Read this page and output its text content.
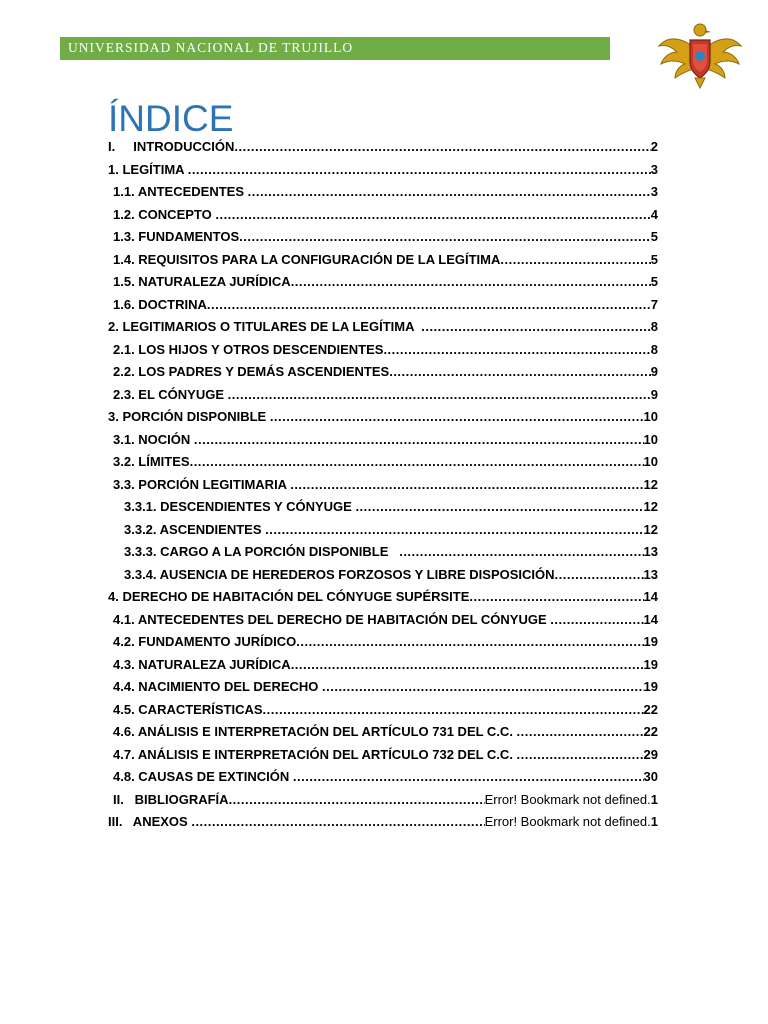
UNIVERSIDAD NACIONAL DE TRUJILLO
ÍNDICE
I.     INTRODUCCIÓN .....	2
1. LEGÍTIMA .....	3
1.1. ANTECEDENTES .....	3
1.2. CONCEPTO .....	4
1.3. FUNDAMENTOS .....	5
1.4. REQUISITOS PARA LA CONFIGURACIÓN DE LA LEGÍTIMA .....	5
1.5. NATURALEZA JURÍDICA .....	5
1.6. DOCTRINA .....	7
2. LEGITIMARIOS O TITULARES DE LA LEGÍTIMA .....	8
2.1. LOS HIJOS Y OTROS DESCENDIENTES .....	8
2.2. LOS PADRES Y DEMÁS ASCENDIENTES .....	9
2.3. EL CÓNYUGE .....	9
3. PORCIÓN DISPONIBLE .....	10
3.1. NOCIÓN .....	10
3.2. LÍMITES .....	10
3.3. PORCIÓN LEGITIMARIA .....	12
3.3.1. DESCENDIENTES Y CÓNYUGE .....	12
3.3.2. ASCENDIENTES .....	12
3.3.3. CARGO A LA PORCIÓN DISPONIBLE .....	13
3.3.4. AUSENCIA DE HEREDEROS FORZOSOS Y LIBRE DISPOSICIÓN .....	13
4. DERECHO DE HABITACIÓN DEL CÓNYUGE SUPÉRSITE .....	14
4.1. ANTECEDENTES DEL DERECHO DE HABITACIÓN DEL CÓNYUGE .....	14
4.2. FUNDAMENTO JURÍDICO .....	19
4.3. NATURALEZA JURÍDICA .....	19
4.4. NACIMIENTO DEL DERECHO .....	19
4.5. CARACTERÍSTICAS .....	22
4.6. ANÁLISIS E INTERPRETACIÓN DEL ARTÍCULO 731 DEL C.C. .....	22
4.7. ANÁLISIS E INTERPRETACIÓN DEL ARTÍCULO 732 DEL C.C. .....	29
4.8. CAUSAS DE EXTINCIÓN .....	30
II.   BIBLIOGRAFÍA .....	Error! Bookmark not defined. 1
III.   ANEXOS .....	Error! Bookmark not defined. 1
